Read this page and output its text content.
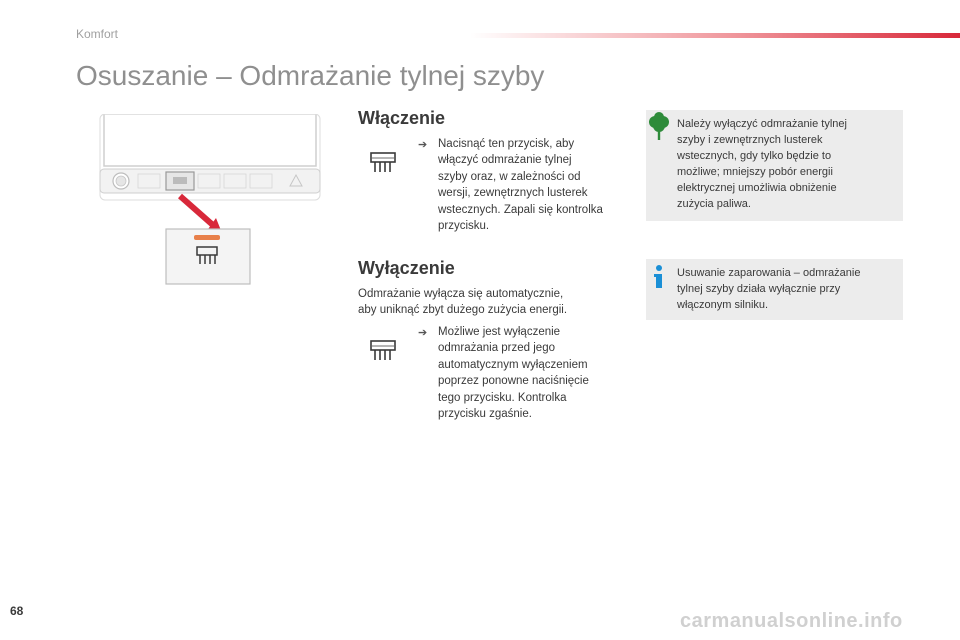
Komfort
Osuszanie – Odmrażanie tylnej szyby
Włączenie
➔ Nacisnąć ten przycisk, aby
włączyć odmrażanie tylnej
szyby oraz, w zależności od
wersji, zewnętrznych lusterek
wstecznych. Zapali się kontrolka
przycisku.
Wyłączenie
Odmrażanie wyłącza się automatycznie,
aby uniknąć zbyt dużego zużycia energii.
➔ Możliwe jest wyłączenie
odmrażania przed jego
automatycznym wyłączeniem
poprzez ponowne naciśnięcie
tego przycisku. Kontrolka
przycisku zgaśnie.
Należy wyłączyć odmrażanie tylnej
szyby i zewnętrznych lusterek
wstecznych, gdy tylko będzie to
możliwe; mniejszy pobór energii
elektrycznej umożliwia obniżenie
zużycia paliwa.
Usuwanie zaparowania – odmrażanie
tylnej szyby działa wyłącznie przy
włączonym silniku.
68	carmanualsonline.info
